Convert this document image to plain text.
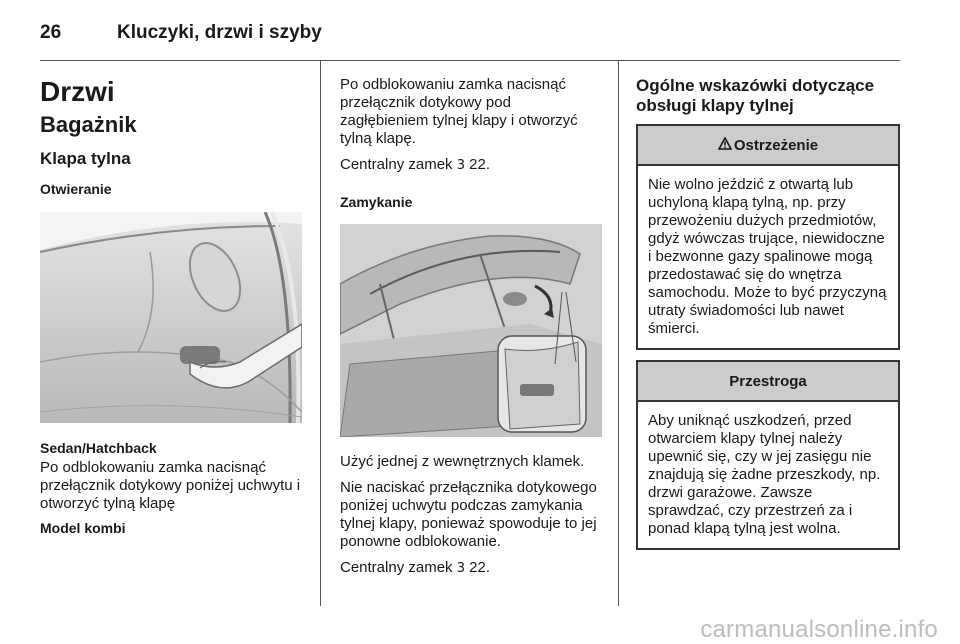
26	Kluczyki, drzwi i szyby
Drzwi
Bagażnik
Klapa tylna
Otwieranie
Sedan/Hatchback

Po odblokowaniu zamka nacisnąć przełącznik dotykowy poniżej uchwytu i otworzyć tylną klapę

Model kombi

Po odblokowaniu zamka nacisnąć przełącznik dotykowy pod zagłębieniem tylnej klapy i otworzyć tylną klapę.

Centralny zamek 3 22.

Zamykanie

Użyć jednej z wewnętrznych klamek.

Nie naciskać przełącznika dotykowego poniżej uchwytu podczas zamykania tylnej klapy, ponieważ spowoduje to jej ponowne odblokowanie.

Centralny zamek 3 22.

Ogólne wskazówki dotyczące obsługi klapy tylnej
Ostrzeżenie
Nie wolno jeździć z otwartą lub uchyloną klapą tylną, np. przy przewożeniu dużych przedmiotów, gdyż wówczas trujące, niewidoczne i bezwonne gazy spalinowe mogą przedostawać się do wnętrza samochodu. Może to być przyczyną utraty świadomości lub nawet śmierci.
Przestroga
Aby uniknąć uszkodzeń, przed otwarciem klapy tylnej należy upewnić się, czy w jej zasięgu nie znajdują się żadne przeszkody, np. drzwi garażowe. Zawsze sprawdzać, czy przestrzeń za i ponad klapą tylną jest wolna.
carmanualsonline.info
